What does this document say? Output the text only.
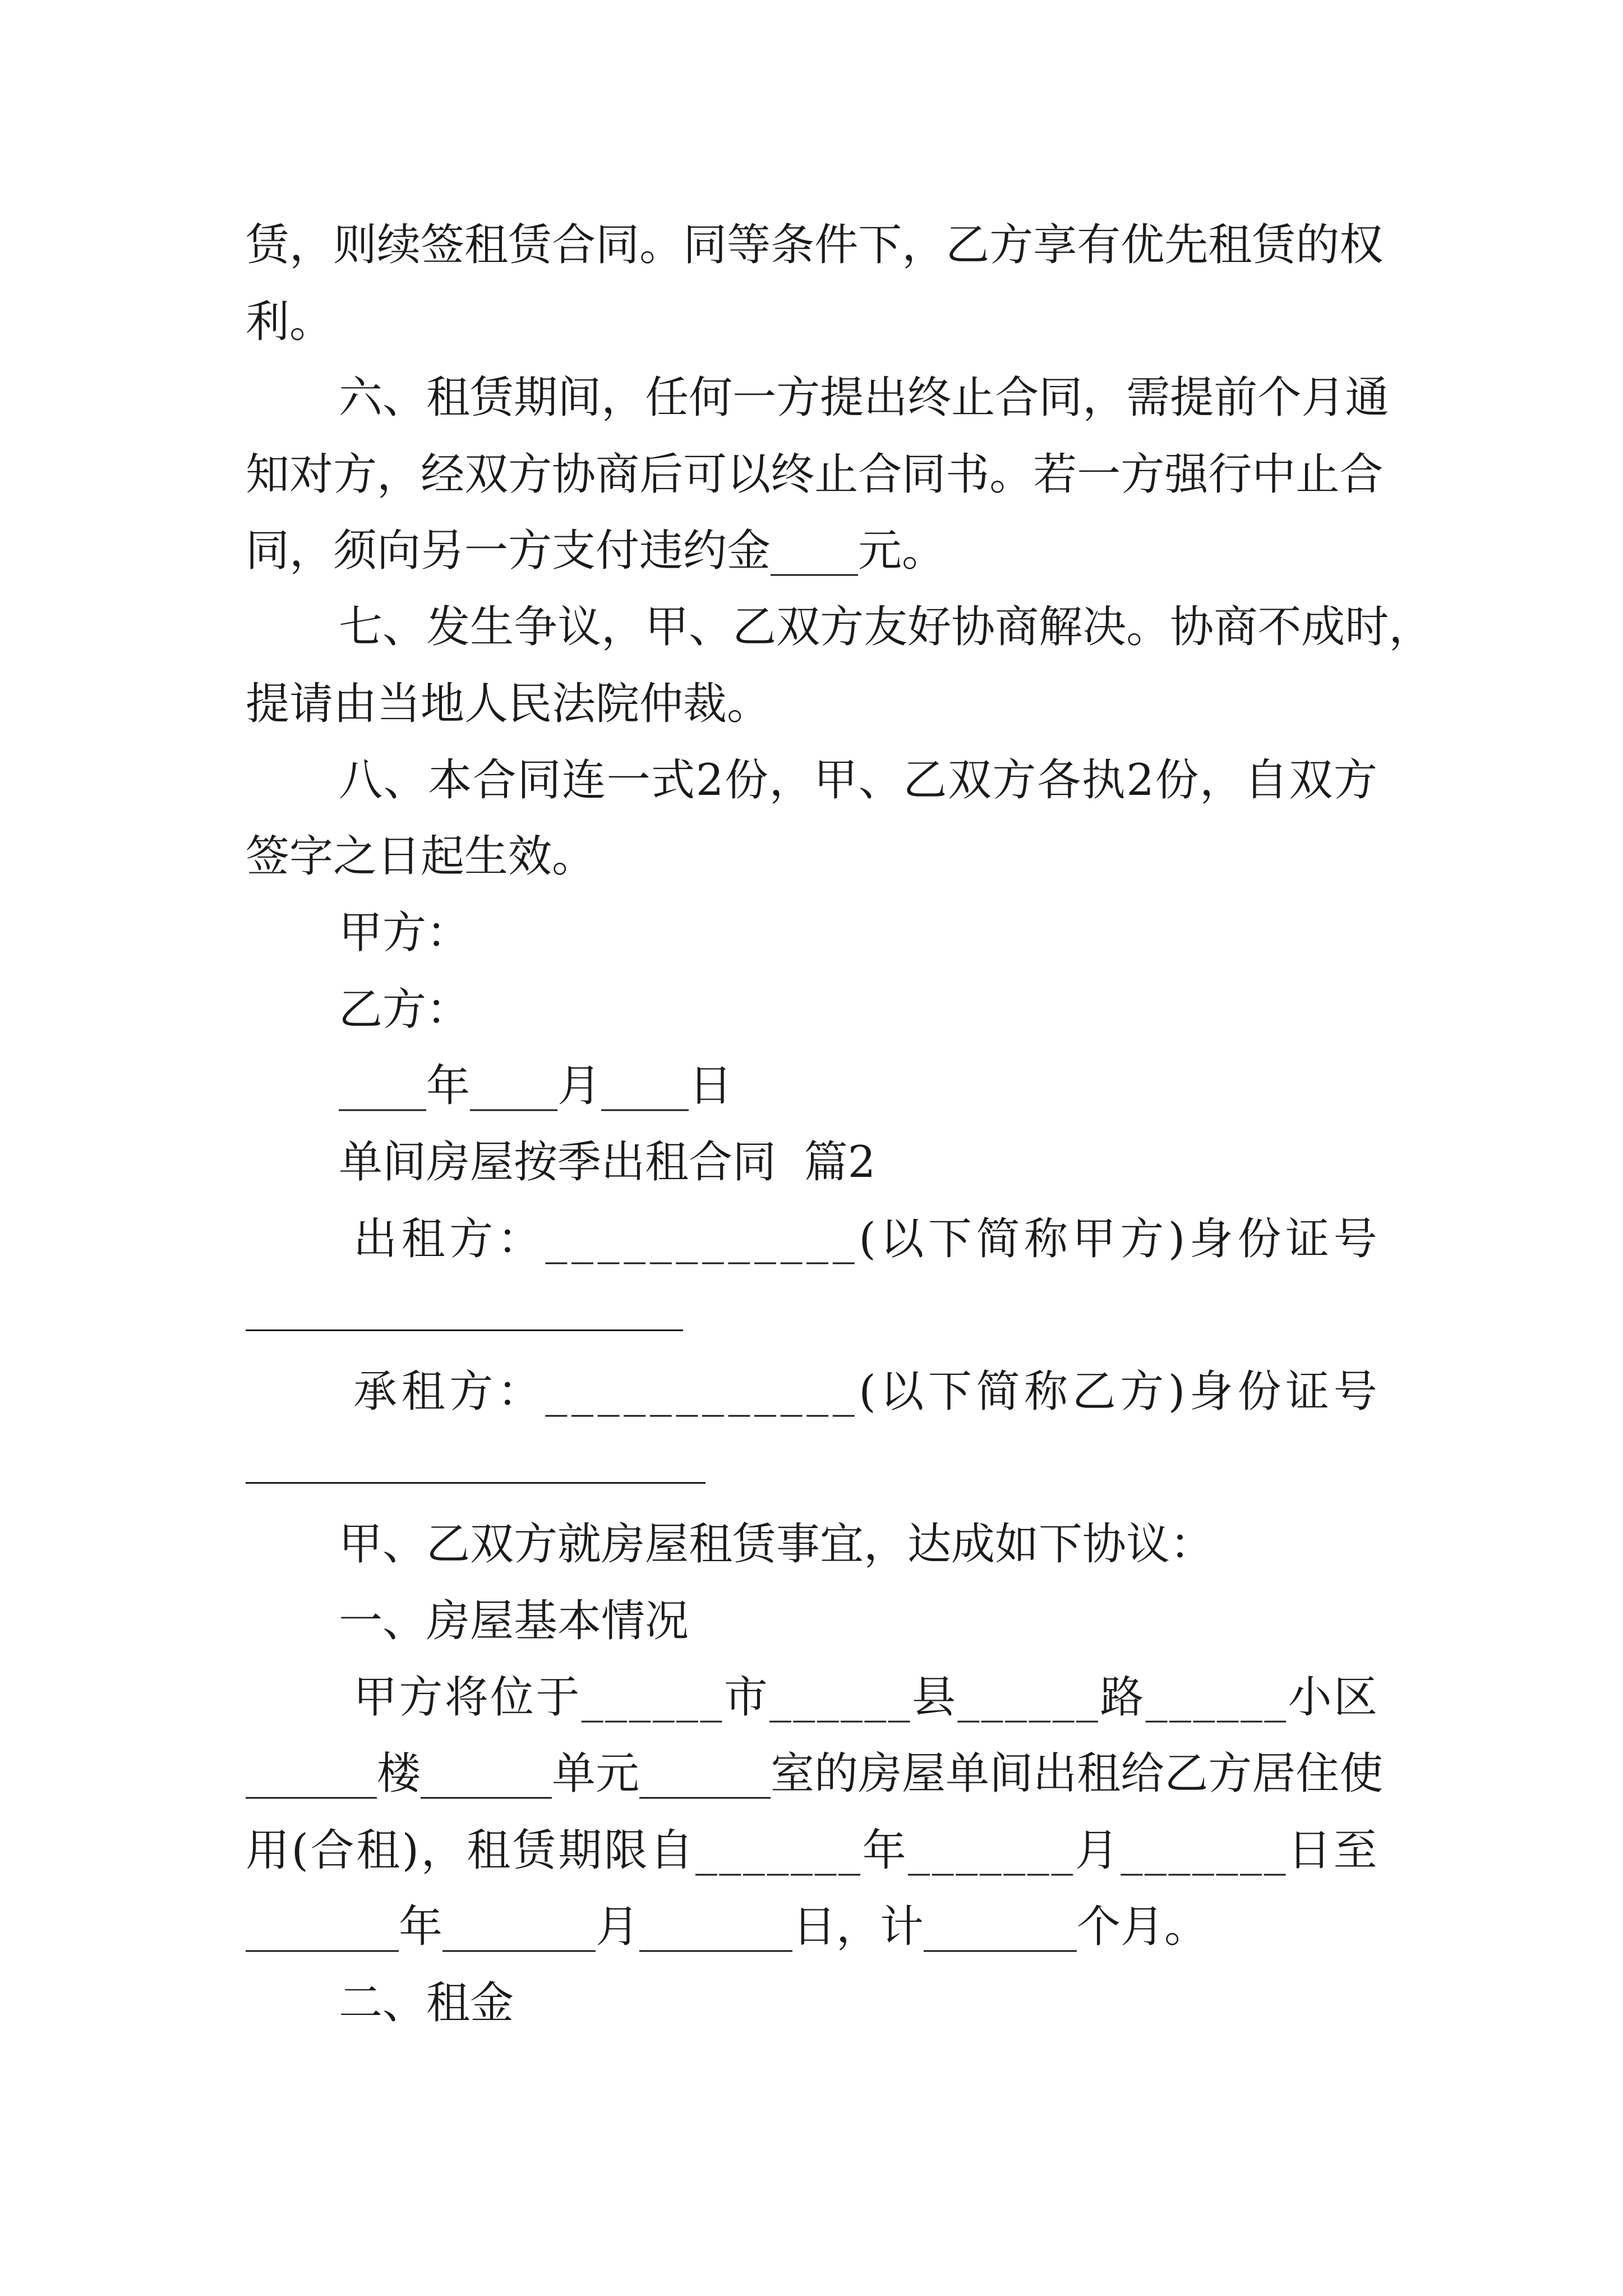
赁 ， 则 续 签 租 赁 合 同 。 同 等 条 件 下 ， 乙 方 享 有 优 先 租 赁 的 权
利。
六 、 租 赁 期 间 ， 任 何 一 方 提 出 终 止 合 同 ， 需 提 前 个 月 通
知 对 方 ， 经 双 方 协 商 后 可 以 终 止 合 同 书 。 若 一 方 强 行 中 止 合
同，须向另一方支付违约金____元。
七 、 发 生 争 议 ， 甲 、 乙 双 方 友 好 协 商 解 决 。 协 商 不 成 时 ，
提请由当地人民法院仲裁。
八 、 本 合 同 连 一 式 2 份 ， 甲 、 乙 双 方 各 执 2 份 ， 自 双 方
签字之日起生效。
甲方：
乙方：
____年____月____日
单间房屋按季出租合同  篇2
出 租 方 ： _ _ _ _ _ _ _ _ _ _ _ _ ( 以 下 简 称 甲 方 ) 身 份 证 号
承 租 方 ： _ _ _ _ _ _ _ _ _ _ _ _ ( 以 下 简 称 乙 方 ) 身 份 证 号
甲、乙双方就房屋租赁事宜，达成如下协议：
一、房屋基本情况
甲 方 将 位 于 _ _ _ _ _ _ 市 _ _ _ _ _ _ 县 _ _ _ _ _ _ 路 _ _ _ _ _ _ 小 区
_ _ _ _ _ _ 楼 _ _ _ _ _ _ 单 元 _ _ _ _ _ _ 室 的 房 屋 单 间 出 租 给 乙 方 居 住 使
用 ( 合 租 ) ， 租 赁 期 限 自 _ _ _ _ _ _ _ 年 _ _ _ _ _ _ _ 月 _ _ _ _ _ _ _ 日 至
_______年_______月_______日，计_______个月。
二、租金
